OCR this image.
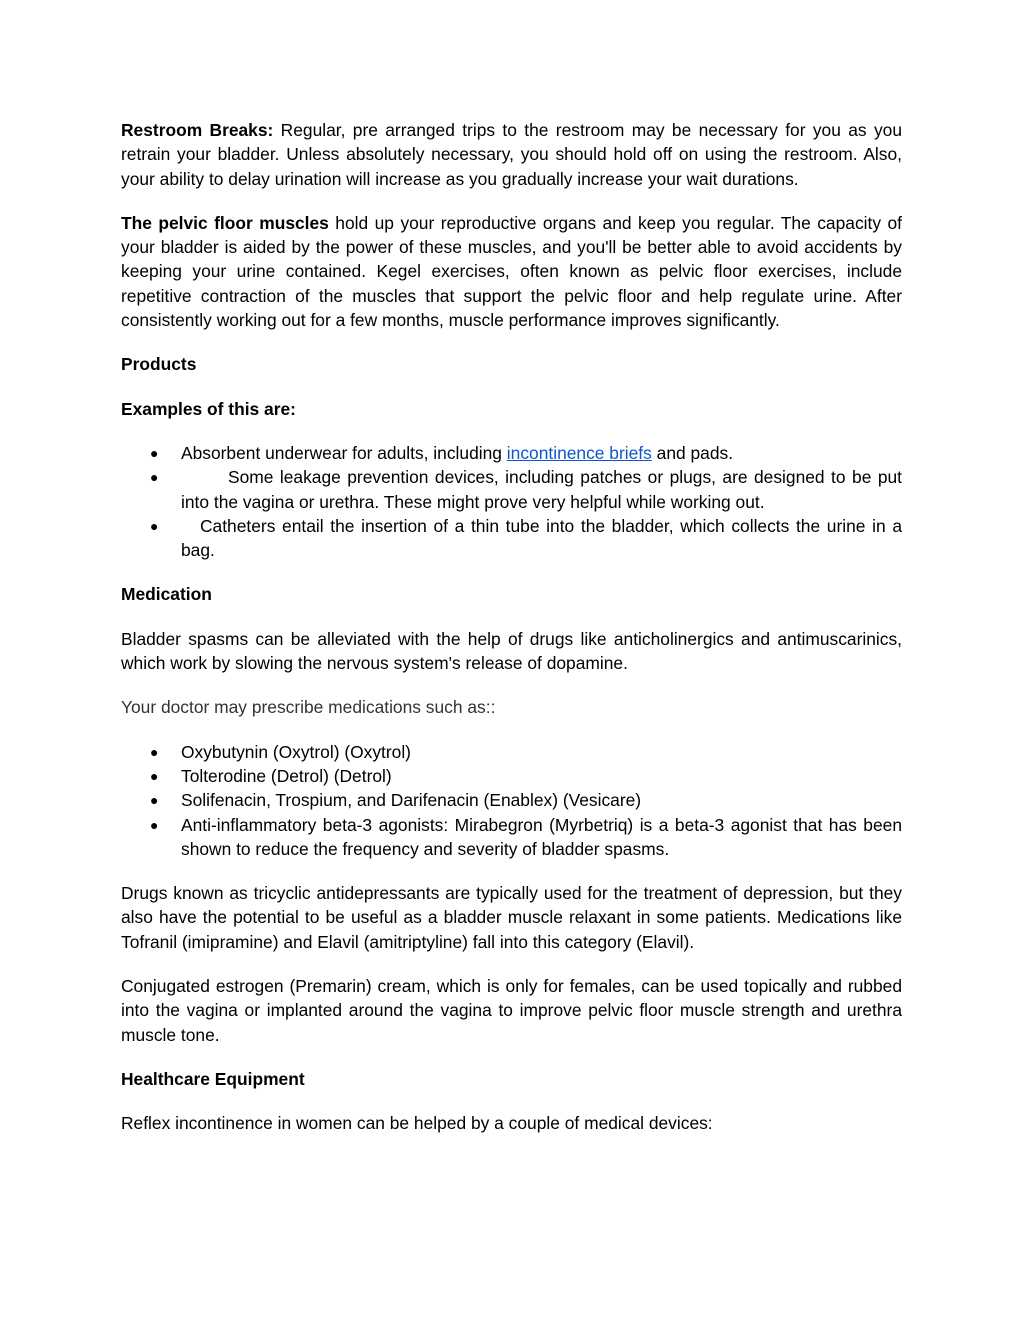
Restroom Breaks: Regular, pre arranged trips to the restroom may be necessary for you as you retrain your bladder. Unless absolutely necessary, you should hold off on using the restroom. Also, your ability to delay urination will increase as you gradually increase your wait durations.

The pelvic floor muscles hold up your reproductive organs and keep you regular. The capacity of your bladder is aided by the power of these muscles, and you'll be better able to avoid accidents by keeping your urine contained. Kegel exercises, often known as pelvic floor exercises, include repetitive contraction of the muscles that support the pelvic floor and help regulate urine. After consistently working out for a few months, muscle performance improves significantly.

Products
Examples of this are:
● Absorbent underwear for adults, including incontinence briefs and pads.
●	Some leakage prevention devices, including patches or plugs, are designed to be put into the vagina or urethra. These might prove very helpful while working out.
● Catheters entail the insertion of a thin tube into the bladder, which collects the urine in a bag.
Medication

Bladder spasms can be alleviated with the help of drugs like anticholinergics and antimuscarinics, which work by slowing the nervous system's release of dopamine.

Your doctor may prescribe medications such as::

● Oxybutynin (Oxytrol) (Oxytrol)
● Tolterodine (Detrol) (Detrol)
● Solifenacin, Trospium, and Darifenacin (Enablex) (Vesicare)
● Anti-inflammatory beta-3 agonists: Mirabegron (Myrbetriq) is a beta-3 agonist that has been shown to reduce the frequency and severity of bladder spasms.

Drugs known as tricyclic antidepressants are typically used for the treatment of depression, but they also have the potential to be useful as a bladder muscle relaxant in some patients. Medications like Tofranil (imipramine) and Elavil (amitriptyline) fall into this category (Elavil).

Conjugated estrogen (Premarin) cream, which is only for females, can be used topically and rubbed into the vagina or implanted around the vagina to improve pelvic floor muscle strength and urethra muscle tone.

Healthcare Equipment

Reflex incontinence in women can be helped by a couple of medical devices:
